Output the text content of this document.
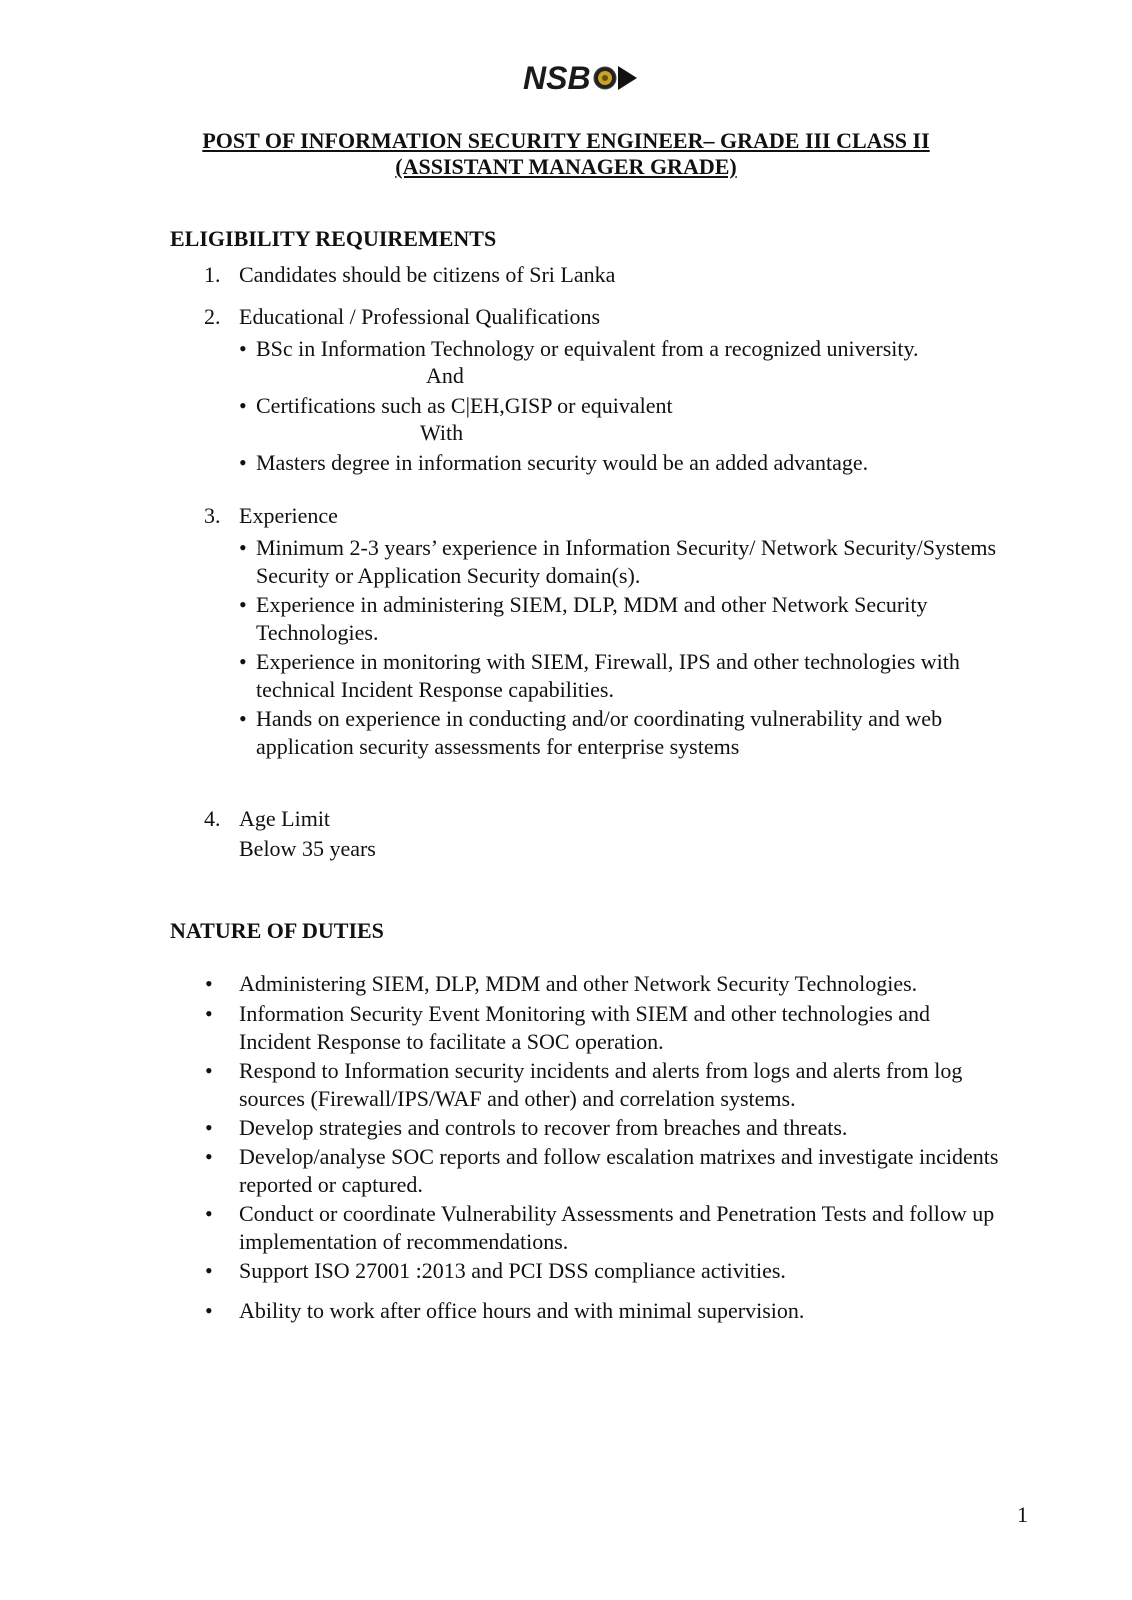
NSB
POST OF INFORMATION SECURITY ENGINEER– GRADE III CLASS II
(ASSISTANT MANAGER GRADE)
ELIGIBILITY REQUIREMENTS
1. Candidates should be citizens of Sri Lanka
2. Educational / Professional Qualifications
• BSc in Information Technology or equivalent from a recognized university.
And
• Certifications such as C|EH,GISP or equivalent
With
• Masters degree in information security would be an added advantage.
3. Experience
• Minimum 2-3 years’ experience in Information Security/ Network Security/Systems
Security or Application Security domain(s).
• Experience in administering SIEM, DLP, MDM and other Network Security
Technologies.
• Experience in monitoring with SIEM, Firewall, IPS and other technologies with
technical Incident Response capabilities.
• Hands on experience in conducting and/or coordinating vulnerability and web
application security assessments for enterprise systems
4. Age Limit
Below 35 years
NATURE OF DUTIES
• Administering SIEM, DLP, MDM and other Network Security Technologies.
• Information Security Event Monitoring with SIEM and other technologies and
Incident Response to facilitate a SOC operation.
• Respond to Information security incidents and alerts from logs and alerts from log
sources (Firewall/IPS/WAF and other) and correlation systems.
• Develop strategies and controls to recover from breaches and threats.
• Develop/analyse SOC reports and follow escalation matrixes and investigate incidents
reported or captured.
• Conduct or coordinate Vulnerability Assessments and Penetration Tests and follow up
implementation of recommendations.
• Support ISO 27001 :2013 and PCI DSS compliance activities.
• Ability to work after office hours and with minimal supervision.
1
